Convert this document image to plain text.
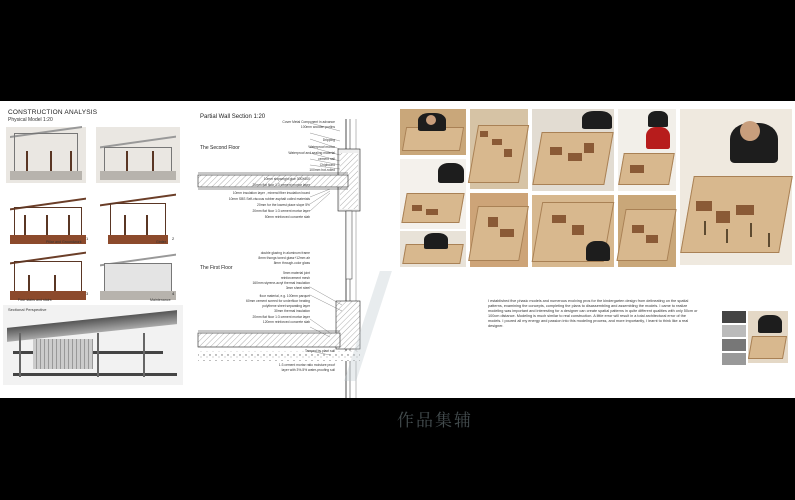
CONSTRUCTION ANALYSIS
Physical Model 1:20
Pillar and Groundwork
1
Girder
2
Four stairs and stairs
3
Maintenance
4
Sectional Perspective
Partial Wall Section 1:20
The Second Floor
The First Floor
Cover Metal Component in advance
100mm wooden purlins
Dripping
Waterproof mortar
Waterproof and sealing material
cement nail
Chipboard
100mm hot-rolled
10mm shipwright glue 300X600
20mm flat floor 1:3 cement mortar layer
10mm insulation layer , mineral fiber insulation board
10mm SBS Self-viscous rubber asphalt coiled materials
20mm for the lowest place slope 5%
20mm flat floor 1:3 cement mortar layer
50mm reinforced concrete slab
double glazing in aluminum frame
8mm thongs toned glass+12mm air
8mm through-color glass
5mm material joint
reinforcement mesh
160mm styrene-acryl thermal insulation
3mm sheet steel
floor material, e.g. 100mm parquet
60mm cement screed for underfloor heating
polythene sheet separating layer
30mm thermal insulation
20mm flat floor 1:3 cement mortar layer
120mm reinforced concrete slab
Tamped by plant soil
1:3 cement mortar ratio moisture proof
layer with 3%-5% water-proofing soil
I established five phasic models and numerous evolving pros for the kindergarten design from delineating on the spatial patterns, examining the concepts, completing the plans to disassembling and assembling the models. I came to realize modeling was important and interesting for a designer can create spatial patterns in quite different qualities with only 50cm or 100cm distance. Modeling is much similar to real construction. A little error will result in a total architectural error of the models. I poured all my energy and passion into this modeling process, and more importantly, I learnt to think like a real designer.
作品集辅
